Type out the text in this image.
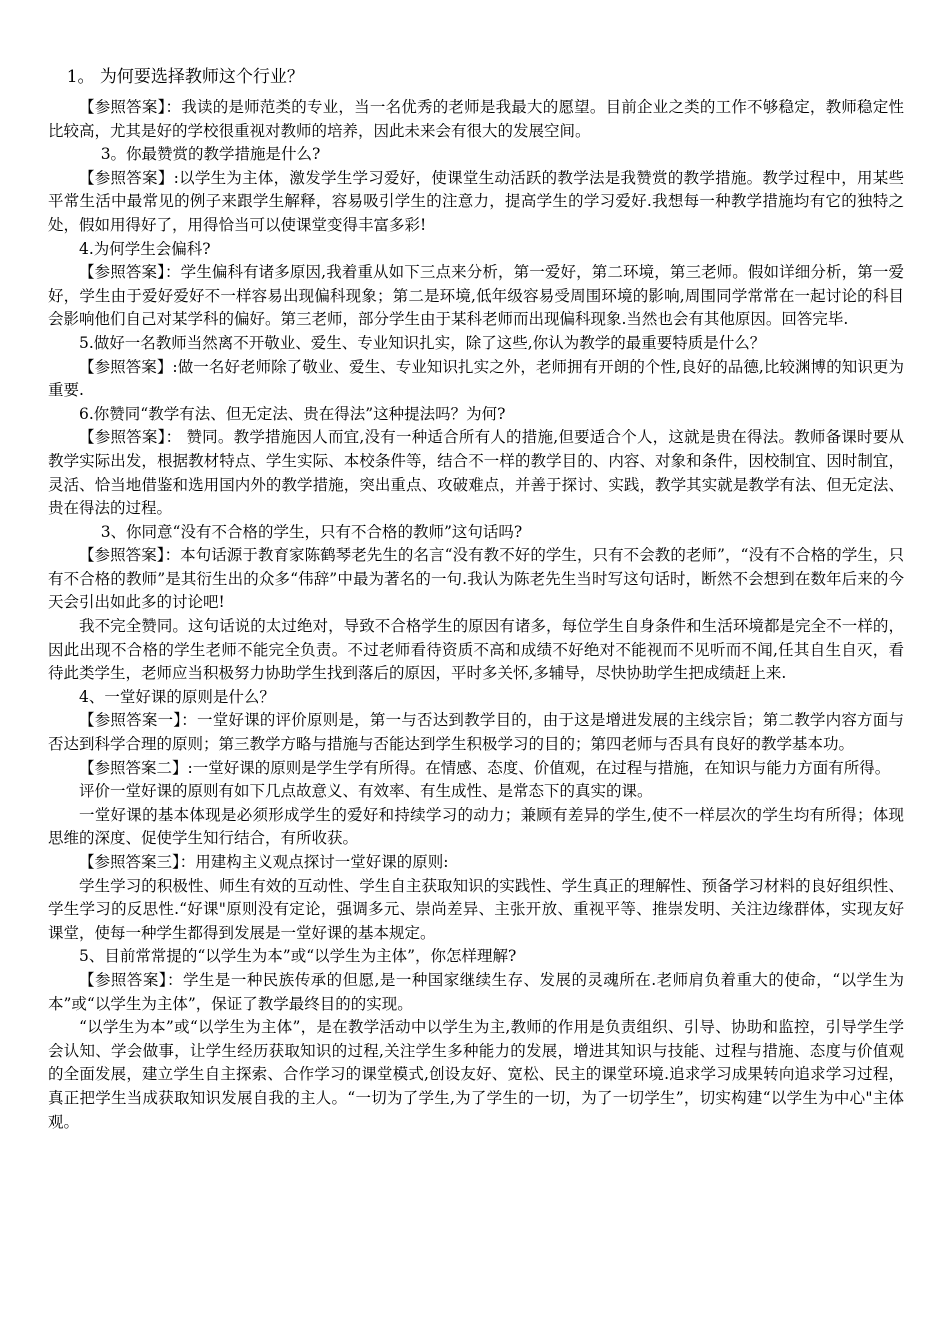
1。 为何要选择教师这个行业？

【参照答案】：我读的是师范类的专业，当一名优秀的老师是我最大的愿望。目前企业之类的工作不够稳定，教师稳定性比较高，尤其是好的学校很重视对教师的培养，因此未来会有很大的发展空间。

3。你最赞赏的教学措施是什么?

【参照答案】:以学生为主体，激发学生学习爱好，使课堂生动活跃的教学法是我赞赏的教学措施。教学过程中，用某些平常生活中最常见的例子来跟学生解释，容易吸引学生的注意力，提高学生的学习爱好.我想每一种教学措施均有它的独特之处，假如用得好了，用得恰当可以使课堂变得丰富多彩!

4.为何学生会偏科?

【参照答案】：学生偏科有诸多原因,我着重从如下三点来分析，第一爱好，第二环境，第三老师。假如详细分析，第一爱好，学生由于爱好爱好不一样容易出现偏科现象；第二是环境,低年级容易受周围环境的影响,周围同学常常在一起讨论的科目会影响他们自己对某学科的偏好。第三老师，部分学生由于某科老师而出现偏科现象.当然也会有其他原因。回答完毕.

5.做好一名教师当然离不开敬业、爱生、专业知识扎实，除了这些,你认为教学的最重要特质是什么？

【参照答案】:做一名好老师除了敬业、爱生、专业知识扎实之外，老师拥有开朗的个性,良好的品德,比较渊博的知识更为重要.

6.你赞同“教学有法、但无定法、贵在得法”这种提法吗？为何?

【参照答案】： 赞同。教学措施因人而宜,没有一种适合所有人的措施,但要适合个人，这就是贵在得法。教师备课时要从教学实际出发，根据教材特点、学生实际、本校条件等，结合不一样的教学目的、内容、对象和条件，因校制宜、因时制宜，灵活、恰当地借鉴和选用国内外的教学措施，突出重点、攻破难点，并善于探讨、实践，教学其实就是教学有法、但无定法、贵在得法的过程。

3、你同意“没有不合格的学生，只有不合格的教师”这句话吗?

【参照答案】：本句话源于教育家陈鹤琴老先生的名言“没有教不好的学生，只有不会教的老师”，“没有不合格的学生，只有不合格的教师”是其衍生出的众多“伟辞”中最为著名的一句.我认为陈老先生当时写这句话时，断然不会想到在数年后来的今天会引出如此多的讨论吧!

我不完全赞同。这句话说的太过绝对，导致不合格学生的原因有诸多，每位学生自身条件和生活环境都是完全不一样的，因此出现不合格的学生老师不能完全负责。不过老师看待资质不高和成绩不好绝对不能视而不见听而不闻,任其自生自灭，看待此类学生，老师应当积极努力协助学生找到落后的原因，平时多关怀,多辅导，尽快协助学生把成绩赶上来.

4、一堂好课的原则是什么？

【参照答案一】：一堂好课的评价原则是，第一与否达到教学目的，由于这是增进发展的主线宗旨；第二教学内容方面与否达到科学合理的原则；第三教学方略与措施与否能达到学生积极学习的目的；第四老师与否具有良好的教学基本功。

【参照答案二】:一堂好课的原则是学生学有所得。在情感、态度、价值观，在过程与措施，在知识与能力方面有所得。

评价一堂好课的原则有如下几点故意义、有效率、有生成性、是常态下的真实的课。

一堂好课的基本体现是必须形成学生的爱好和持续学习的动力；兼顾有差异的学生,使不一样层次的学生均有所得；体现思维的深度、促使学生知行结合，有所收获。

【参照答案三】：用建构主义观点探讨一堂好课的原则:

学生学习的积极性、师生有效的互动性、学生自主获取知识的实践性、学生真正的理解性、预备学习材料的良好组织性、学生学习的反思性.“好课"原则没有定论，强调多元、崇尚差异、主张开放、重视平等、推崇发明、关注边缘群体，实现友好课堂，使每一种学生都得到发展是一堂好课的基本规定。

5、目前常常提的“以学生为本”或“以学生为主体”，你怎样理解?

【参照答案】：学生是一种民族传承的但愿,是一种国家继续生存、发展的灵魂所在.老师肩负着重大的使命，“以学生为本”或“以学生为主体”，保证了教学最终目的的实现。

“以学生为本”或“以学生为主体”，是在教学活动中以学生为主,教师的作用是负责组织、引导、协助和监控，引导学生学会认知、学会做事，让学生经历获取知识的过程,关注学生多种能力的发展，增进其知识与技能、过程与措施、态度与价值观的全面发展，建立学生自主探索、合作学习的课堂模式,创设友好、宽松、民主的课堂环境.追求学习成果转向追求学习过程，真正把学生当成获取知识发展自我的主人。“一切为了学生,为了学生的一切，为了一切学生”，切实构建“以学生为中心"主体观。
